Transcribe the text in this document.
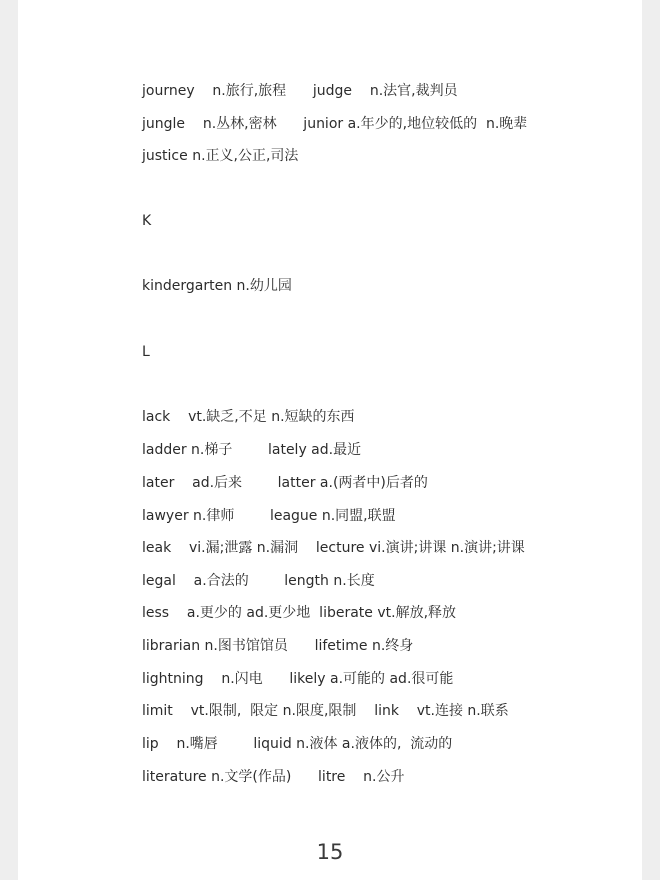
journey    n.旅行,旅程      judge    n.法官,裁判员
jungle    n.丛林,密林      junior a.年少的,地位较低的  n.晚辈
justice n.正义,公正,司法
K
kindergarten n.幼儿园
L
lack    vt.缺乏,不足 n.短缺的东西
ladder n.梯子        lately ad.最近
later    ad.后来        latter a.(两者中)后者的
lawyer n.律师        league n.同盟,联盟
leak    vi.漏;泄露 n.漏洞    lecture vi.演讲;讲课 n.演讲;讲课
legal    a.合法的        length n.长度
less    a.更少的 ad.更少地  liberate vt.解放,释放
librarian n.图书馆馆员      lifetime n.终身
lightning    n.闪电      likely a.可能的 ad.很可能
limit    vt.限制,  限定 n.限度,限制    link    vt.连接 n.联系
lip    n.嘴唇        liquid n.液体 a.液体的,  流动的
literature n.文学(作品)      litre    n.公升
15
